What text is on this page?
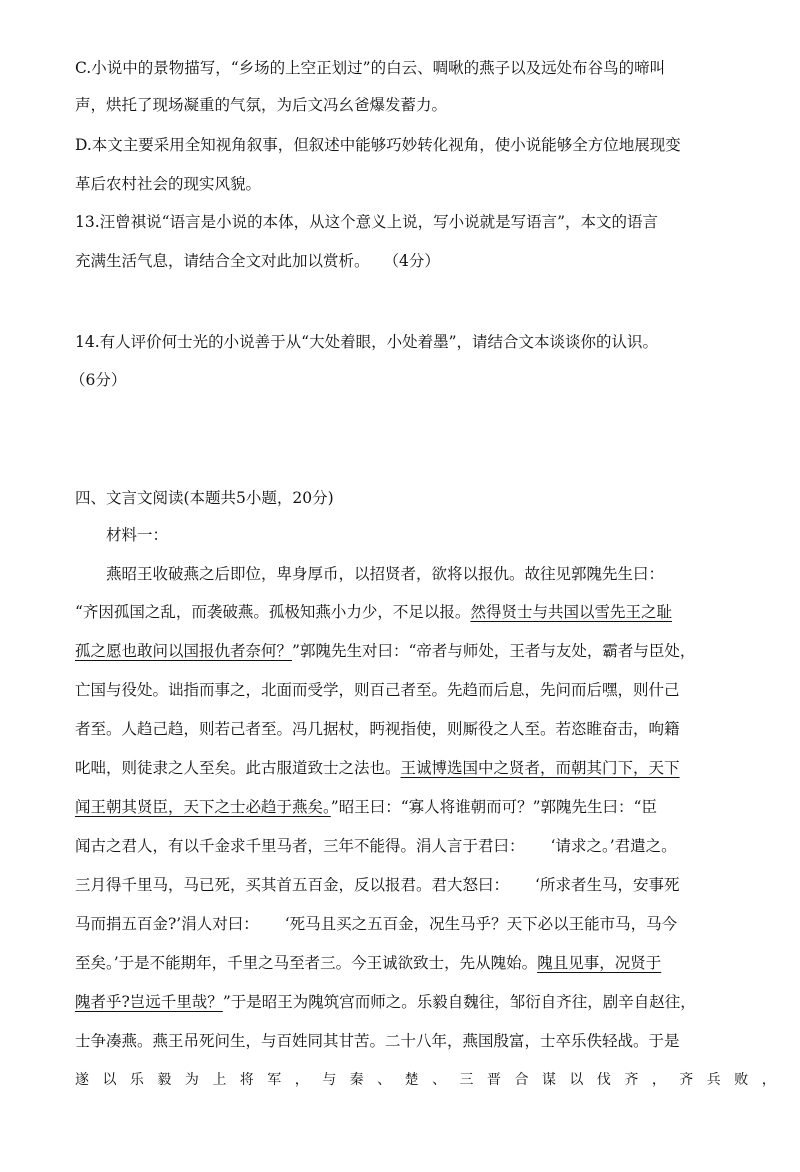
C.小说中的景物描写，“乡场的上空正划过”的白云、啁啾的燕子以及远处布谷鸟的啼叫
声，烘托了现场凝重的气氛，为后文冯幺爸爆发蓄力。
D.本文主要采用全知视角叙事，但叙述中能够巧妙转化视角，使小说能够全方位地展现变
革后农村社会的现实风貌。
13.汪曾祺说“语言是小说的本体，从这个意义上说，写小说就是写语言”，本文的语言
充满生活气息，请结合全文对此加以赏析。 （4分）
14.有人评价何士光的小说善于从“大处着眼，小处着墨”，请结合文本谈谈你的认识。
（6分）
四、文言文阅读(本题共5小题，20分)
材料一：
燕昭王收破燕之后即位，卑身厚币，以招贤者，欲将以报仇。故往见郭隗先生曰：
“齐因孤国之乱，而袭破燕。孤极知燕小力少，不足以报。然得贤士与共国以雪先王之耻
孤之愿也敢问以国报仇者奈何？”郭隗先生对曰：“帝者与师处，王者与友处，霸者与臣处，
亡国与役处。诎指而事之，北面而受学，则百己者至。先趋而后息，先问而后嘿，则什己
者至。人趋己趋，则若己者至。冯几据杖，眄视指使，则厮役之人至。若恣睢奋击，呴籍
叱咄，则徒隶之人至矣。此古服道致士之法也。王诚博选国中之贤者，而朝其门下，天下
闻王朝其贤臣，天下之士必趋于燕矣。”昭王曰：“寡人将谁朝而可？”郭隗先生曰：“臣
闻古之君人，有以千金求千里马者，三年不能得。涓人言于君曰： ‘请求之。’君遣之。
三月得千里马，马已死，买其首五百金，反以报君。君大怒曰： ‘所求者生马，安事死
马而捐五百金?’涓人对曰： ‘死马且买之五百金，况生马乎？天下必以王能市马，马今
至矣。’于是不能期年，千里之马至者三。今王诚欲致士，先从隗始。隗且见事，况贤于
隗者乎?岂远千里哉？”于是昭王为隗筑宫而师之。乐毅自魏往，邹衍自齐往，剧辛自赵往，
士争凑燕。燕王吊死问生，与百姓同其甘苦。二十八年，燕国殷富，士卒乐佚轻战。于是
遂以乐毅为上将军，与秦、楚、三晋合谋以伐齐，齐兵败，
